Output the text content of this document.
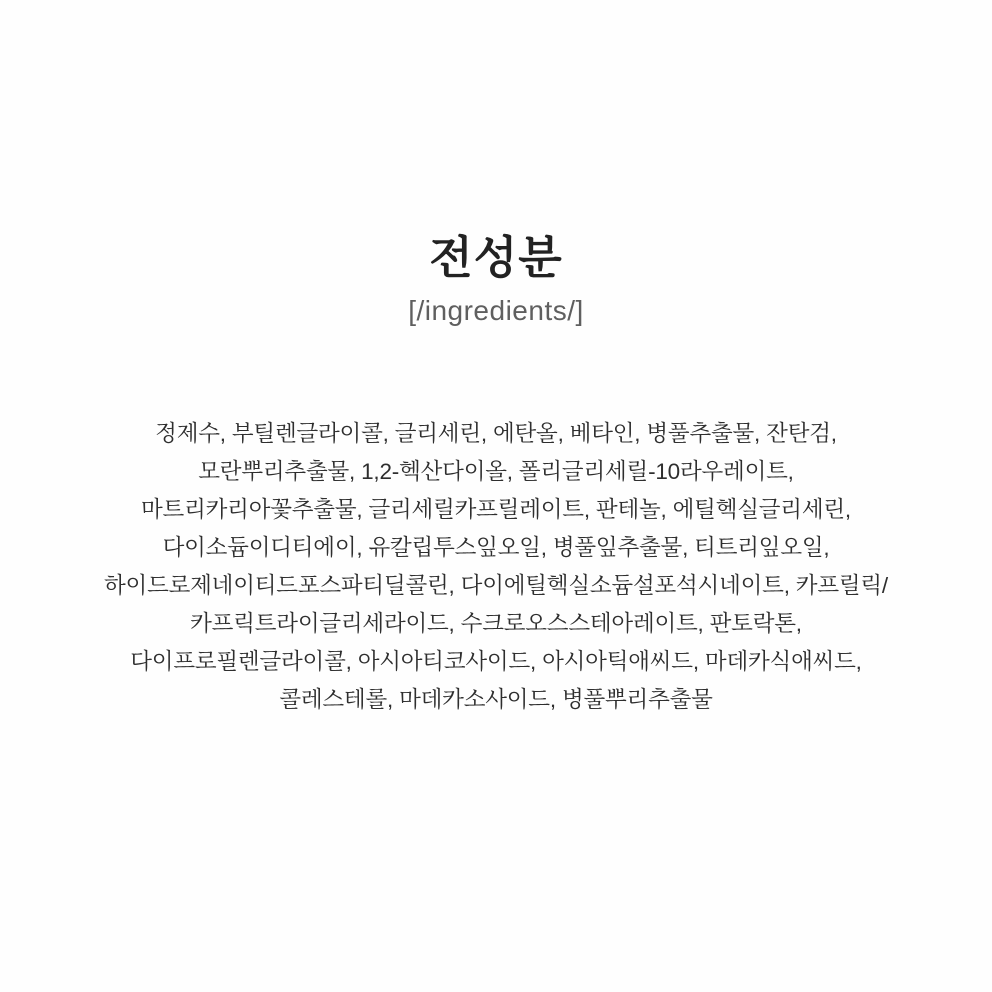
전성분
[/ingredients/]
정제수, 부틸렌글라이콜, 글리세린, 에탄올, 베타인, 병풀추출물, 잔탄검,
모란뿌리추출물, 1,2-헥산다이올, 폴리글리세릴-10라우레이트,
마트리카리아꽃추출물, 글리세릴카프릴레이트, 판테놀, 에틸헥실글리세린,
다이소듐이디티에이, 유칼립투스잎오일, 병풀잎추출물, 티트리잎오일,
하이드로제네이티드포스파티딜콜린, 다이에틸헥실소듐설포석시네이트, 카프릴릭/
카프릭트라이글리세라이드, 수크로오스스테아레이트, 판토락톤,
다이프로필렌글라이콜, 아시아티코사이드, 아시아틱애씨드, 마데카식애씨드,
콜레스테롤, 마데카소사이드, 병풀뿌리추출물
